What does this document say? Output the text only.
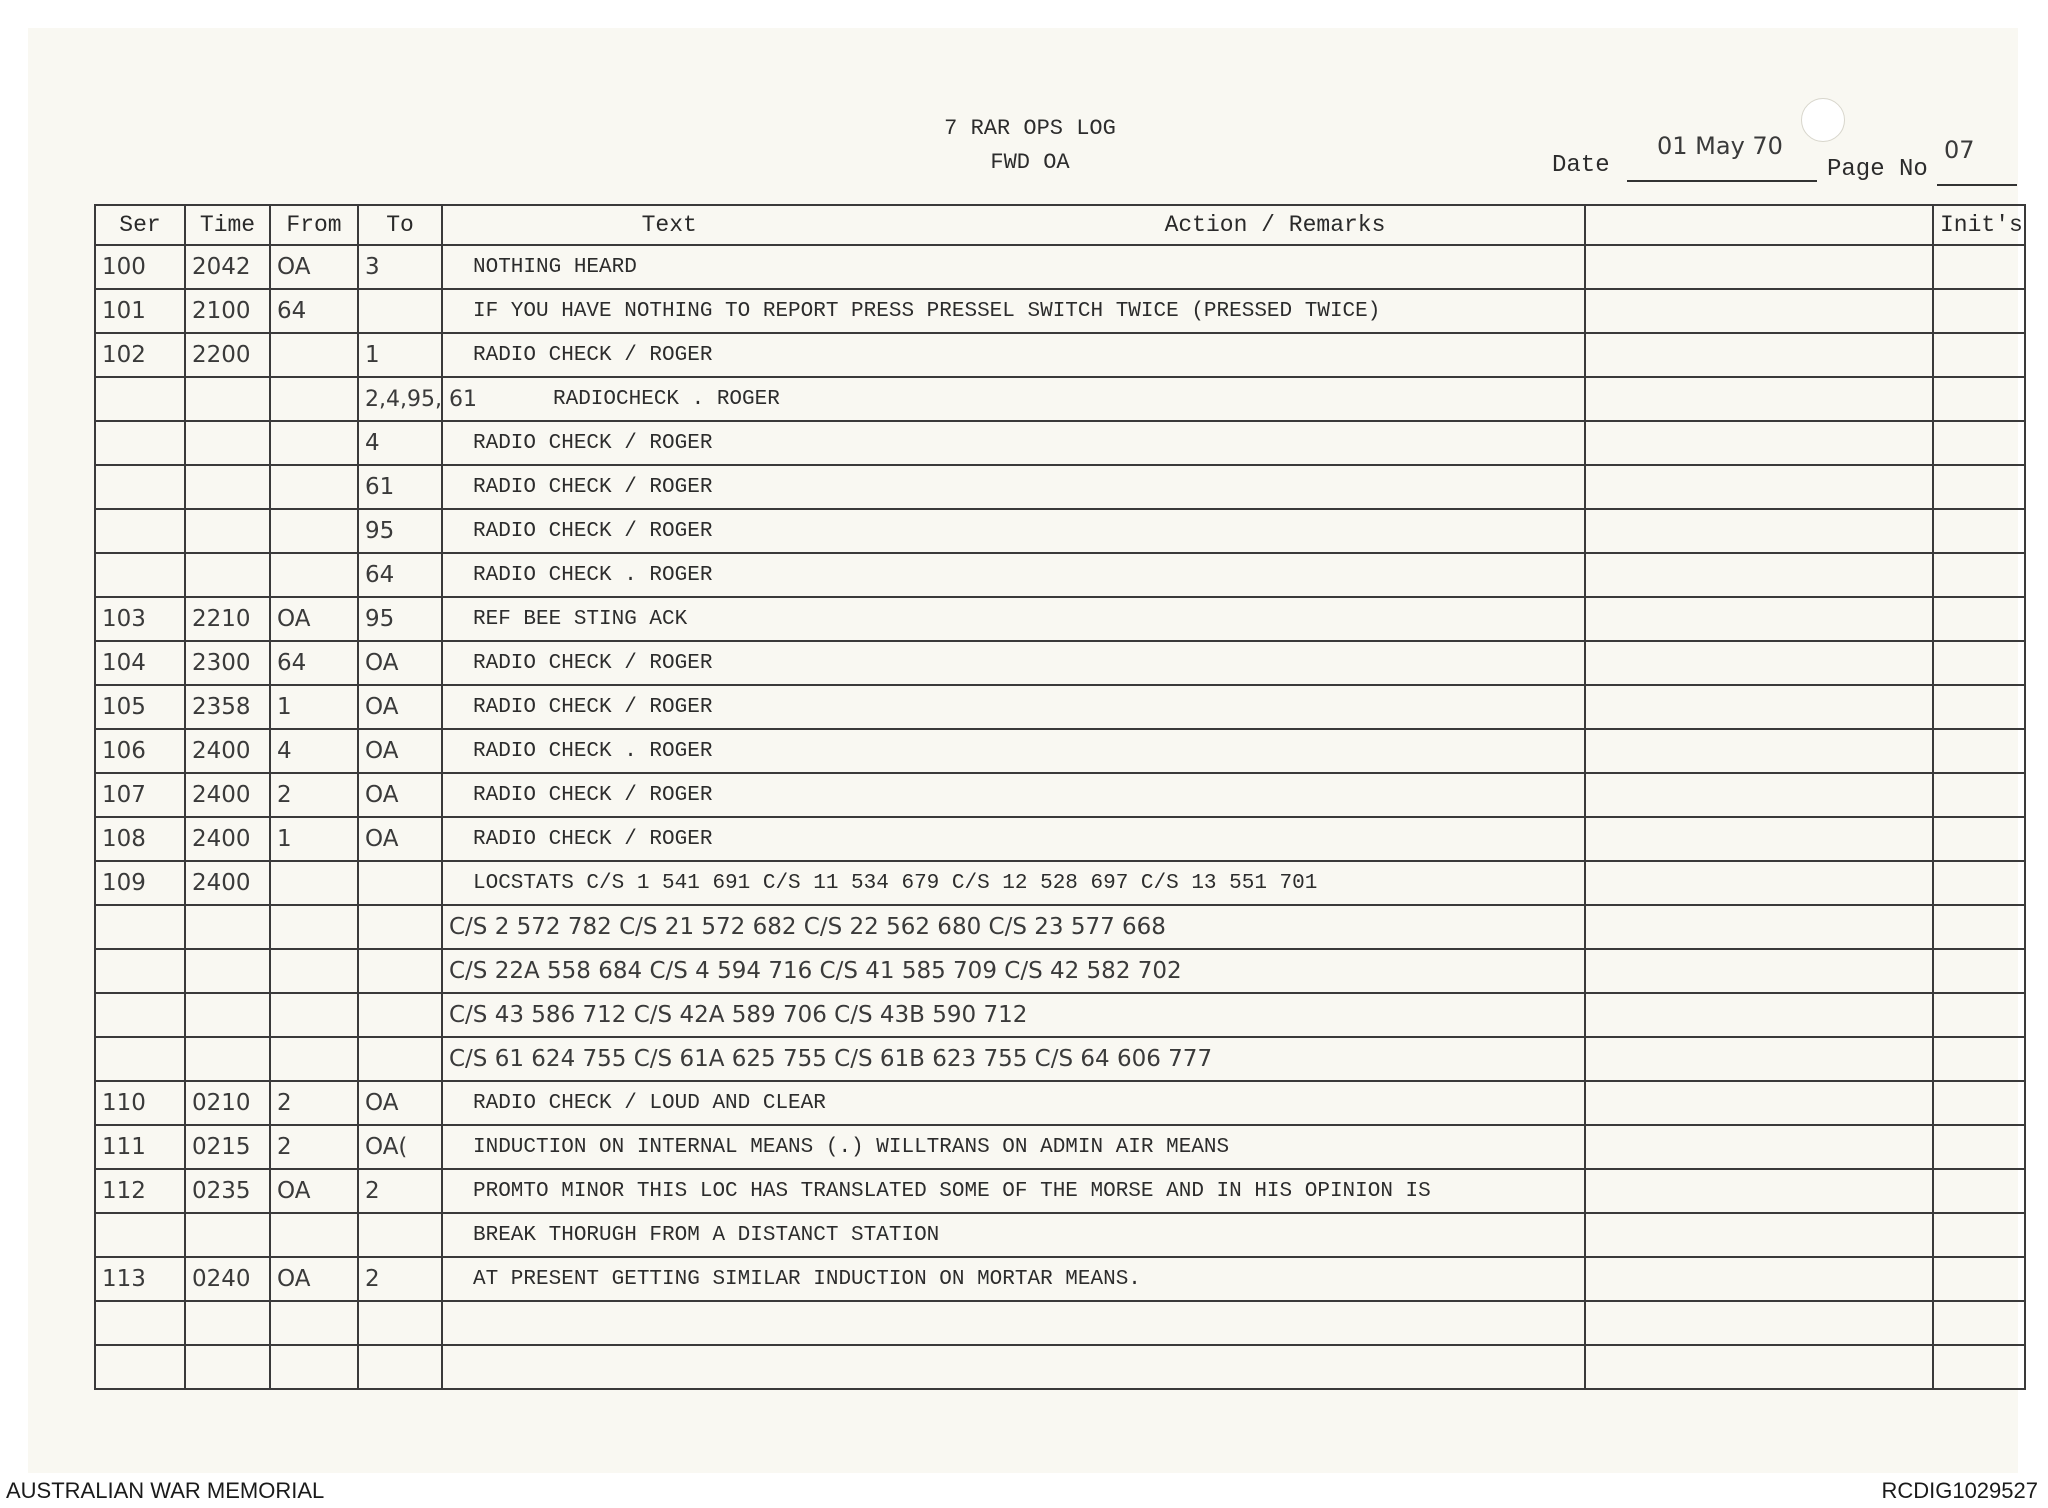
7 RAR OPS LOG
FWD OA	Date
01 May 70
Page No
07
Ser	Time	From	To	Text Action / Remarks		Init's
100	2042	OA	3	NOTHING HEARD		
101	2100	64		IF YOU HAVE NOTHING TO REPORT PRESS PRESSEL SWITCH TWICE (PRESSED TWICE)		
102	2200		1	RADIO CHECK / ROGER		
			2,4,95, 61	RADIOCHECK . ROGER		
			4	RADIO CHECK / ROGER		
			61	RADIO CHECK / ROGER		
			95	RADIO CHECK / ROGER		
			64	RADIO CHECK . ROGER		
103	2210	OA	95	REF BEE STING ACK		
104	2300	64	OA	RADIO CHECK / ROGER		
105	2358	1	OA	RADIO CHECK / ROGER		
106	2400	4	OA	RADIO CHECK . ROGER		
107	2400	2	OA	RADIO CHECK / ROGER		
108	2400	1	OA	RADIO CHECK / ROGER		
109	2400			LOCSTATS C/S 1 541 691 C/S 11 534 679 C/S 12 528 697 C/S 13 551 701		
				C/S 2 572 782 C/S 21 572 682 C/S 22 562 680 C/S 23 577 668		
				C/S 22A 558 684 C/S 4 594 716 C/S 41 585 709 C/S 42 582 702		
				C/S 43 586 712 C/S 42A 589 706 C/S 43B 590 712		
				C/S 61 624 755 C/S 61A 625 755 C/S 61B 623 755 C/S 64 606 777		
110	0210	2	OA	RADIO CHECK / LOUD AND CLEAR		
111	0215	2	OA(	INDUCTION ON INTERNAL MEANS (.) WILLTRANS ON ADMIN AIR MEANS		
112	0235	OA	2	PROMTO MINOR THIS LOC HAS TRANSLATED SOME OF THE MORSE AND IN HIS OPINION IS		
				BREAK THORUGH FROM A DISTANCT STATION		
113	0240	OA	2	AT PRESENT GETTING SIMILAR INDUCTION ON MORTAR MEANS.		

AUSTRALIAN WAR MEMORIAL	RCDIG1029527
